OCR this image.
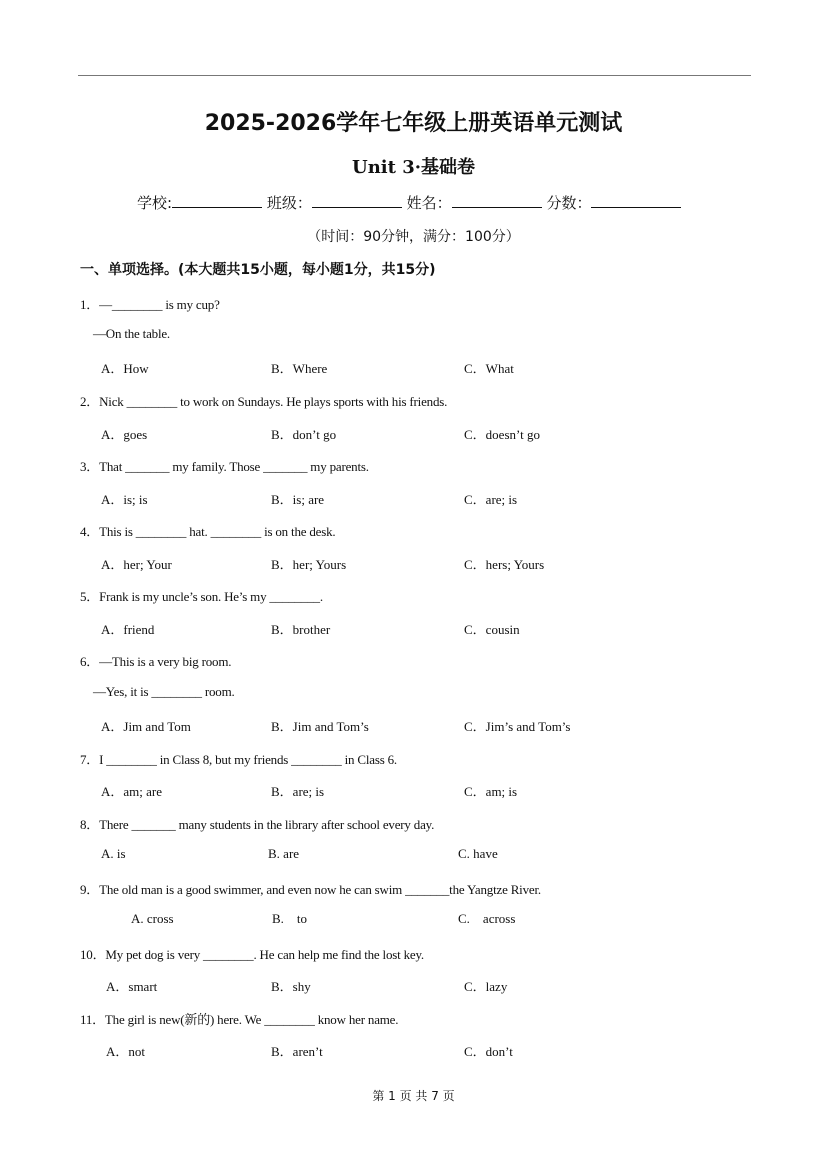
2025-2026学年七年级上册英语单元测试
Unit 3·基础卷
学校:	班级：	姓名：	分数：
（时间：90分钟，满分：100分）
一、单项选择。(本大题共15小题，每小题1分，共15分)
1．—________ is my cup?
—On the table.
A．How	B．Where	C．What
2．Nick ________ to work on Sundays. He plays sports with his friends.
A．goes	B．don’t go	C．doesn’t go
3．That _______ my family. Those _______ my parents.
A．is; is	B．is; are	C．are; is
4．This is ________ hat. ________ is on the desk.
A．her; Your	B．her; Yours	C．hers; Yours
5．Frank is my uncle’s son. He’s my ________.
A．friend	B．brother	C．cousin
6．—This is a very big room.
—Yes, it is ________ room.
A．Jim and Tom	B．Jim and Tom’s	C．Jim’s and Tom’s
7．I ________ in Class 8, but my friends ________ in Class 6.
A．am; are	B．are; is	C．am; is
8．There _______ many students in the library after school every day.
A. is	B. are	C. have
9．The old man is a good swimmer, and even now he can swim _______the Yangtze River.
A. cross	B.    to	C.    across
10．My pet dog is very ________. He can help me find the lost key.
A．smart	B．shy	C．lazy
11．The girl is new(新的) here. We ________ know her name.
A．not	B．aren’t	C．don’t
第 1 页 共 7 页
